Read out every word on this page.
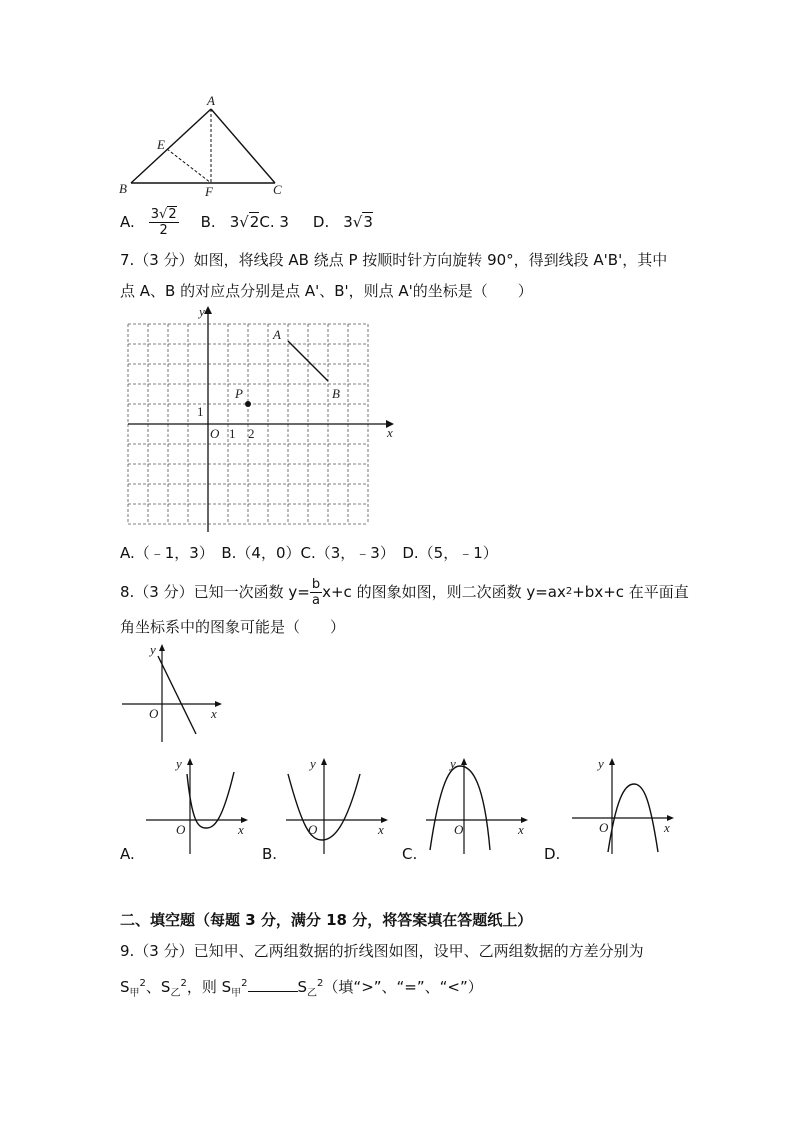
A
B	C
E
F
A. $\frac{3√2}{2} B$. 3√2 C. 3 D. 3√3
7.（3 分）如图，将线段 AB 绕点 P 按顺时针方向旋转 90°，得到线段 A'B'，其中
点 A、B 的对应点分别是点 A'、B'，则点 A'的坐标是（　　）
y
x
O 1 2
1
A
B
P
A.（﹣1，3）　B.（4，0）C.（3，﹣3）　D.（5，﹣1）
8.（3 分）已知一次函数 $y= \frac{b}{a} x+c$ 的图象如图，则二次函数 y=ax 2 +bx+c 在平面直
角坐标系中的图象可能是（　　）
y
x
O
y
x
O
A.
y
x
O
B.
y
x
O
C.
y
x
O
D.
二、填空题（每题 3 分，满分 18 分，将答案填在答题纸上）
9.（3 分）已知甲、乙两组数据的折线图如图，设甲、乙两组数据的方差分别为
$S_甲^2$、$S_乙^2$，则 $S_甲^2$	$S_乙^2$（填“>”、“=”、“<”）
